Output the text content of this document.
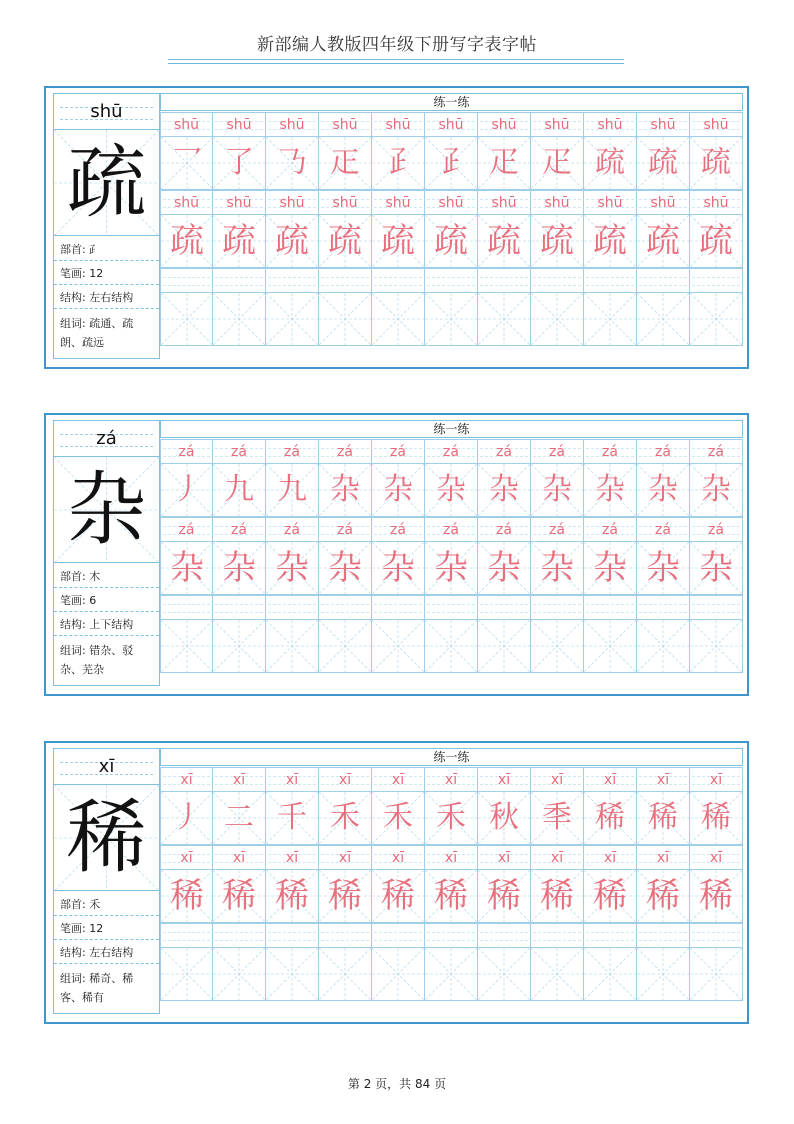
新部编人教版四年级下册写字表字帖
shū
疏
部首: ⺪
笔画: 12
结构: 左右结构
组词: 疏通、疏朗、疏远
练一练
shū shū shū shū shū shū shū shū shū shū shū
乛 了 𠄎 𤴓 𤴔 𤴔 疋 疋 疏 疏 疏
shū shū shū shū shū shū shū shū shū shū shū
疏 疏 疏 疏 疏 疏 疏 疏 疏 疏 疏
zá
杂
部首: 木
笔画: 6
结构: 上下结构
组词: 错杂、驳杂、芜杂
练一练
zá	zá	zá	zá	zá	zá	zá	zá	zá	zá	zá
丿 九 九 杂 杂 杂 杂 杂 杂 杂 杂
zá	zá	zá	zá	zá	zá	zá	zá	zá	zá	zá
杂 杂 杂 杂 杂 杂 杂 杂 杂 杂 杂
xī
稀
部首: 禾
笔画: 12
结构: 左右结构
组词: 稀奇、稀客、稀有
练一练
xī	xī	xī	xī	xī	xī	xī	xī	xī	xī	xī
丿 二 千 禾 禾 禾 秋 秊 稀 稀 稀
xī	xī	xī	xī	xī	xī	xī	xī	xī	xī	xī
稀 稀 稀 稀 稀 稀 稀 稀 稀 稀 稀
第 2 页，共 84 页
